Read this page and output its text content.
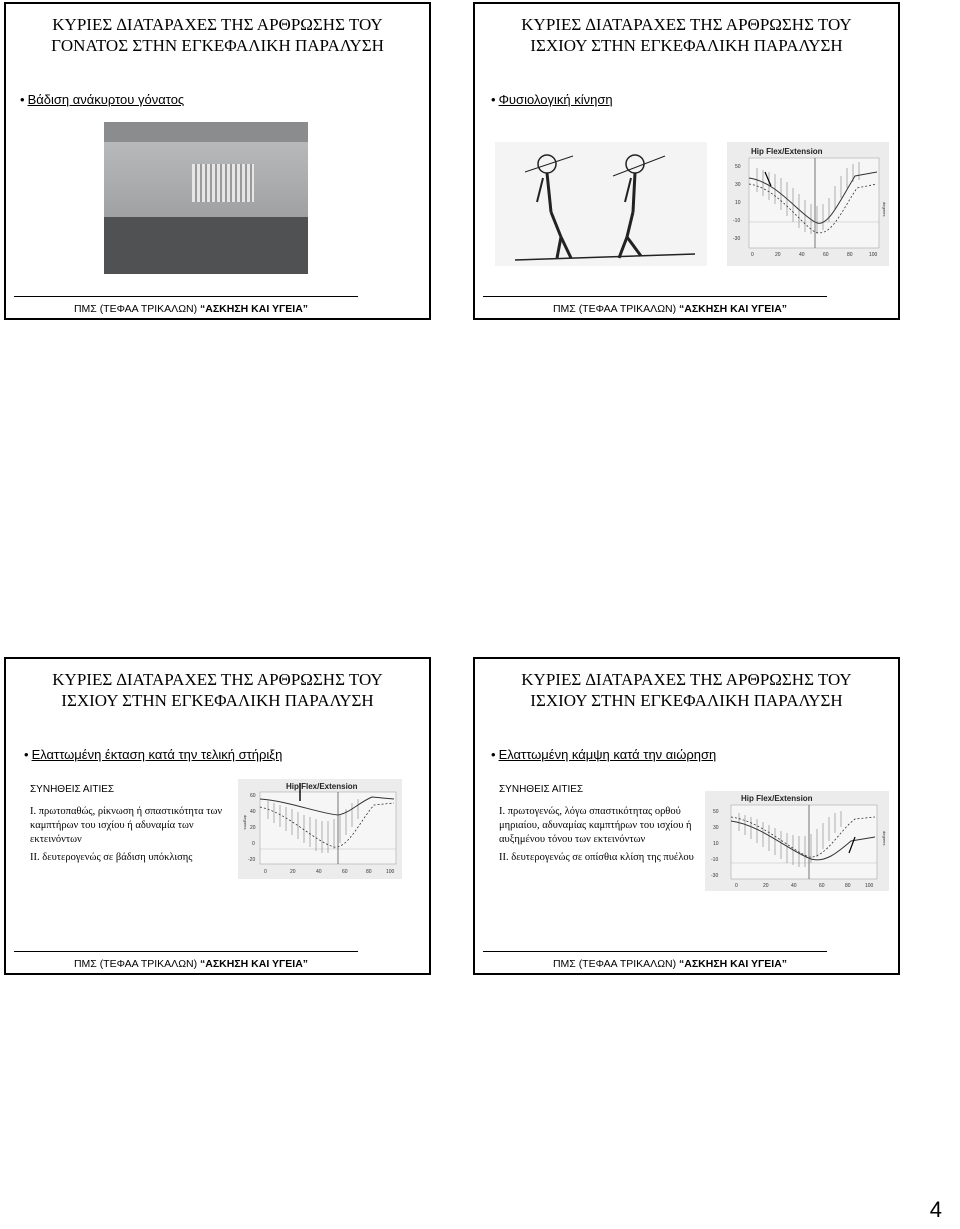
ΚΥΡΙΕΣ ∆ΙΑΤΑΡΑΧΕΣ ΤΗΣ ΑΡΘΡΩΣΗΣ ΤΟΥ
ΓΟΝΑΤΟΣ ΣΤΗΝ ΕΓΚΕΦΑΛΙΚΗ ΠΑΡΑΛΥΣΗ
• Βάδιση ανάκυρτου γόνατος
ΠΜΣ (ΤΕΦΑΑ ΤΡΙΚΑΛΩΝ) “ΑΣΚΗΣΗ ΚΑΙ ΥΓΕΙΑ”
ΚΥΡΙΕΣ ∆ΙΑΤΑΡΑΧΕΣ ΤΗΣ ΑΡΘΡΩΣΗΣ ΤΟΥ
ΙΣΧΙΟΥ ΣΤΗΝ ΕΓΚΕΦΑΛΙΚΗ ΠΑΡΑΛΥΣΗ
• Φυσιολογική κίνηση
Hip Flex/Extension
50
30
10
-10
-30
0	20	40	60	80	100
degrees
ΠΜΣ (ΤΕΦΑΑ ΤΡΙΚΑΛΩΝ) “ΑΣΚΗΣΗ ΚΑΙ ΥΓΕΙΑ”
ΚΥΡΙΕΣ ∆ΙΑΤΑΡΑΧΕΣ ΤΗΣ ΑΡΘΡΩΣΗΣ ΤΟΥ
ΙΣΧΙΟΥ ΣΤΗΝ ΕΓΚΕΦΑΛΙΚΗ ΠΑΡΑΛΥΣΗ
• Ελαττωμένη έκταση κατά την τελική στήριξη
ΣΥΝΗΘΕΙΣ ΑΙΤΙΕΣ

Ι. πρωτοπαθώς, ρίκνωση ή σπαστικότητα των καμπτήρων του ισχίου ή αδυναμία των εκτεινόντων

ΙΙ. δευτερογενώς σε βάδιση υπόκλισης

Hip Flex/Extension
60
40
20
0
-20
0	20	40	60	80	100
degrees
ΠΜΣ (ΤΕΦΑΑ ΤΡΙΚΑΛΩΝ) “ΑΣΚΗΣΗ ΚΑΙ ΥΓΕΙΑ”
ΚΥΡΙΕΣ ∆ΙΑΤΑΡΑΧΕΣ ΤΗΣ ΑΡΘΡΩΣΗΣ ΤΟΥ
ΙΣΧΙΟΥ ΣΤΗΝ ΕΓΚΕΦΑΛΙΚΗ ΠΑΡΑΛΥΣΗ
• Ελαττωμένη κάμψη κατά την αιώρηση
ΣΥΝΗΘΕΙΣ ΑΙΤΙΕΣ

Ι. πρωτογενώς, λόγω σπαστικότητας ορθού μηριαίου, αδυναμίας καμπτήρων του ισχίου ή αυξημένου τόνου των εκτεινόντων

ΙΙ. δευτερογενώς σε οπίσθια κλίση της πυέλου

Hip Flex/Extension
50
30
10
-10
-30
0	20	40	60	80	100
degrees
ΠΜΣ (ΤΕΦΑΑ ΤΡΙΚΑΛΩΝ) “ΑΣΚΗΣΗ ΚΑΙ ΥΓΕΙΑ”
4
